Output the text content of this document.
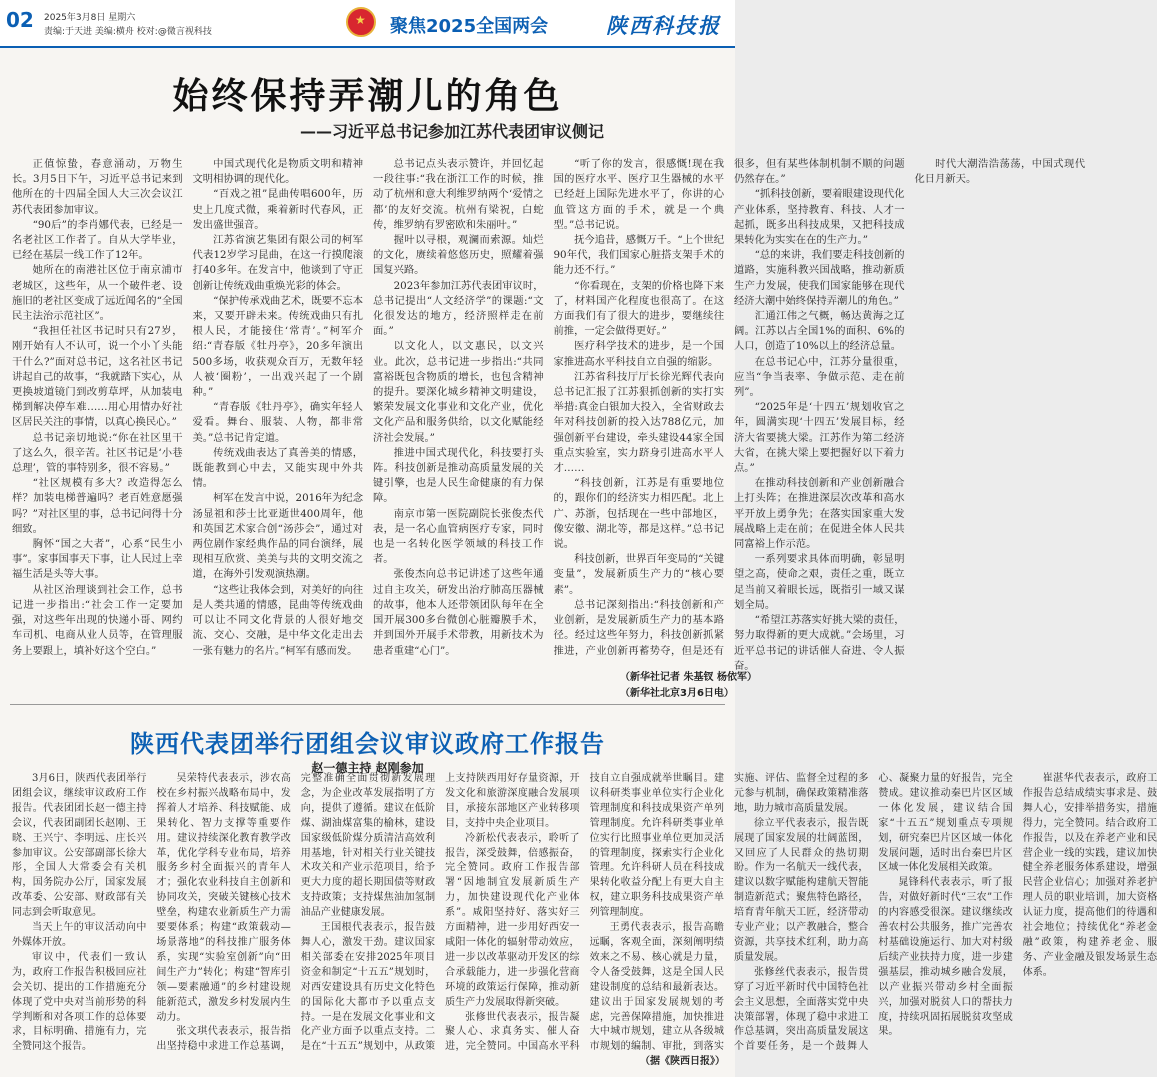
02 2025年3月8日 星期六
责编:于天进 美编:横舟 校对:@微言视科技
★	聚焦2025全国两会	陕西科技报
始终保持弄潮儿的角色
——习近平总书记参加江苏代表团审议侧记

正值惊蛰，春意涌动，万物生长。3月5日下午，习近平总书记来到他所在的十四届全国人大三次会议江苏代表团参加审议。

“90后”的李肖娜代表，已经是一名老社区工作者了。自从大学毕业，已经在基层一线工作了12年。

她所在的南港社区位于南京浦市老城区，这些年，从一个破件老、设施旧的老社区变成了远近闻名的“全国民主法治示范社区”。

“我担任社区书记时只有27岁，刚开始有人不认可，说一个小丫头能干什么?”面对总书记，这名社区书记讲起自己的故事，“我就踏下实心，从更换坡道镜门到改剪草坪，从加装电梯到解决停车难……用心用情办好社区居民关注的事情，以真心换民心。”

总书记亲切地说:“你在社区里干了这么久，很辛苦。社区书记是‘小巷总理’，管的事特别多，很不容易。”

“社区规模有多大？改造得怎么样？加装电梯普遍吗？老百姓意愿强吗？”对社区里的事，总书记问得十分细致。

胸怀“国之大者”，心系“民生小事”。家事国事天下事，让人民过上幸福生活是头等大事。

从社区治理谈到社会工作，总书记进一步指出:“社会工作一定要加强，对这些年出现的快递小哥、网约车司机、电商从业人员等，在管理服务上要跟上，填补好这个空白。”

中国式现代化是物质文明和精神文明相协调的现代化。

“百戏之祖”昆曲传唱600年，历史上几度式微，乘着新时代春风，正发出盛世强音。

江苏省演艺集团有限公司的柯军代表12岁学习昆曲，在这一行摸爬滚打40多年。在发言中，他谈到了守正创新让传统戏曲重焕光彩的体会。

“保护传承戏曲艺术，既要不忘本来，又要开辟未来。传统戏曲只有扎根人民，才能接住‘常青’。”柯军介绍:“青春版《牡丹亭》，20多年演出500多场，收获观众百万，无数年轻人被‘圈粉’，一出戏兴起了一个剧种。”

“青春版《牡丹亭》，确实年轻人爱看。舞台、服装、人物，都非常美。”总书记肯定道。

传统戏曲表达了真善美的情感，既能教到心中去，又能实现中外共情。

柯军在发言中说，2016年为纪念汤显祖和莎士比亚逝世400周年，他和英国艺术家合创“汤莎会”，通过对两位剧作家经典作品的同台演绎，展现相互欣赏、美美与共的文明交流之道，在海外引发观演热潮。

“这些让我体会到，对美好的向往是人类共通的情感，昆曲等传统戏曲可以让不同文化背景的人很好地交流、交心、交融，是中华文化走出去一张有魅力的名片。”柯军有感而发。

总书记点头表示赞许，并回忆起一段往事:“我在浙江工作的时候，推动了杭州和意大利维罗纳两个‘爱情之都’的友好交流。杭州有梁祝，白蛇传，维罗纳有罗密欧和朱丽叶。”

握叶以寻根，观澜而索源。灿烂的文化，赓续着悠悠历史，照耀着强国复兴路。

2023年参加江苏代表团审议时，总书记提出“人文经济学”的课题:“文化很发达的地方，经济照样走在前面。”

以文化人，以文惠民，以文兴业。此次，总书记进一步指出:“共同富裕既包含物质的增长，也包含精神的提升。要深化城乡精神文明建设，繁荣发展文化事业和文化产业，优化文化产品和服务供给，以文化赋能经济社会发展。”

推进中国式现代化，科技要打头阵。科技创新是推动高质量发展的关键引擎，也是人民生命健康的有力保障。

南京市第一医院副院长张俊杰代表，是一名心血管病医疗专家，同时也是一名转化医学领域的科技工作者。

张俊杰向总书记讲述了这些年通过自主攻关，研发出治疗肺高压器械的故事，他本人还带领团队每年在全国开展300多台微创心脏瓣膜手术，并到国外开展手术带教，用新技术为患者重建“心门”。

“听了你的发言，很感慨!现在我国的医疗水平、医疗卫生器械的水平已经赶上国际先进水平了，你讲的心血管这方面的手术，就是一个典型。”总书记说。

抚今追昔，感慨万千。“上个世纪90年代，我们国家心脏搭支架手术的能力还不行。”

“你看现在，支架的价格也降下来了，材料国产化程度也很高了。在这方面我们有了很大的进步，要继续往前推，一定会做得更好。”

医疗科学技术的进步，是一个国家推进高水平科技自立自强的缩影。

江苏省科技厅厅长徐光辉代表向总书记汇报了江苏狠抓创新的实打实举措:真金白银加大投入，全省财政去年对科技创新的投入达788亿元，加强创新平台建设，牵头建设44家全国重点实验室，实力跻身引进高水平人才……

“科技创新，江苏是有重要地位的，跟你们的经济实力相匹配。北上广、苏浙，包括现在一些中部地区，像安徽、湖北等，都是这样。”总书记说。

科技创新，世界百年变局的“关键变量”，发展新质生产力的“核心要素”。

总书记深刻指出:“科技创新和产业创新，是发展新质生产力的基本路径。经过这些年努力，科技创新抓紧推进，产业创新再蓄势夺，但是还有很多，但有某些体制机制不顺的问题仍然存在。”

“抓科技创新，要着眼建设现代化产业体系，坚持教育、科技、人才一起抓，既多出科技成果，又把科技成果转化为实实在在的生产力。”

“总的来讲，我们要走科技创新的道路，实施科教兴国战略，推动新质生产力发展，使我们国家能够在现代经济大潮中始终保持弄潮儿的角色。”

汇通江伟之气概，畅达黄海之辽阔。江苏以占全国1%的面积、6%的人口，创造了10%以上的经济总量。

在总书记心中，江苏分量很重，应当“争当表率、争做示范、走在前列”。

“2025年是‘十四五’规划收官之年，圆满实现‘十四五’发展目标，经济大省要挑大梁。江苏作为第二经济大省，在挑大梁上要把握好以下着力点。”

在推动科技创新和产业创新融合上打头阵；在推进深层次改革和高水平开放上勇争先；在落实国家重大发展战略上走在前；在促进全体人民共同富裕上作示范。

一系列要求具体而明确，彰显明望之高，使命之艰，责任之重，既立足当前又着眼长远，既指引一域又谋划全局。

“希望江苏落实好挑大梁的责任，努力取得新的更大成就。”会场里，习近平总书记的讲话催人奋进、令人振奋。

时代大潮浩浩荡荡，中国式现代化日月新天。

（新华社记者 朱基钗 杨依军）
（新华社北京3月6日电）
陕西代表团举行团组会议审议政府工作报告
赵一德主持 赵刚参加

3月6日，陕西代表团举行团组会议，继续审议政府工作报告。代表团团长赵一德主持会议，代表团副团长赵刚、王晓、王兴宁、李明远、庄长兴参加审议。公安部副部长徐大彤，全国人大常委会有关机构，国务院办公厅，国家发展改革委、公安部、财政部有关同志到会听取意见。

当天上午的审议活动向中外媒体开放。

审议中，代表们一致认为，政府工作报告积极回应社会关切、提出的工作措施充分体现了党中央对当前形势的科学判断和对各项工作的总体要求，目标明确、措施有力，完全赞同这个报告。

吴荣特代表表示，涉农高校在乡村振兴战略布局中，发挥着人才培养、科技赋能、成果转化、智力支撑等重要作用。建议持续深化教育教学改革，优化学科专业布局，培养服务乡村全面振兴的青年人才；强化农业科技自主创新和协同攻关，突破关键核心技术壁垒，构建农业新质生产力需要要体系；构建“政策载动—场景落地”的科技推广服务体系，实现“实验室创新”向“田间生产力”转化；构建“智库引领—要素融通”的乡村建设规能新范式，激发乡村发展内生动力。

张文琪代表表示，报告指出坚持稳中求进工作总基调，完整准确全面贯彻新发展理念，为企业改革发展指明了方向，提供了遵循。建议在低阶煤、湖油煤富集的榆林，建设国家级低阶煤分质清洁高效利用基地，针对相关行业关键技术攻关和产业示范项目，给予更大力度的超长期国债等财政支持政策；支持煤焦油加氢制油品产业健康发展。

王国根代表表示，报告鼓舞人心，激发干劲。建议国家相关部委在安排2025年项目资金和制定“十五五”规划时，对西安建设具有历史文化特色的国际化大都市予以重点支持。一是在发展文化事业和文化产业方面予以重点支持。二是在“十五五”规划中，从政策上支持陕西用好存量资源，开发文化和旅游深度融合发展项目，承接东部地区产业转移项目，支持中央企业项目。

冷新松代表表示，聆听了报告，深受鼓舞，倍感振奋，完全赞同。政府工作报告部署“因地制宜发展新质生产力，加快建设现代化产业体系”。咸阳坚持好、落实好三方面精神，进一步用好西安一咸阳一体化的辐射带动效应，进一步以改革驱动开发区的综合承载能力，进一步强化营商环境的政策运行保障，推动新质生产力发展取得新突破。

张修世代表表示，报告凝聚人心、求真务实、催人奋进，完全赞同。中国高水平科技自立自强成就举世瞩目。建议科研类事业单位实行企业化管理制度和科技成果资产单列管理制度。允许科研类事业单位实行比照事业单位更加灵活的管理制度，探索实行企业化管理。允许科研人员在科技成果转化收益分配上有更大自主权，建立职务科技成果资产单列管理制度。

王勇代表表示，报告高瞻远瞩，客观全面，深刻阐明绩效来之不易、核心就是力量，令人备受鼓舞，这是全国人民建设制度的总结和最新表达。建议出于国家发展规划的考虑，完善保障措施，加快推进大中城市规划，建立从各级城市规划的编制、审批，到落实实施、评估、监督全过程的多元参与机制，确保政策精准落地，助力城市高质量发展。

徐立平代表表示，报告既展现了国家发展的壮阔蓝图，又回应了人民群众的热切期盼。作为一名航天一线代表，建议以数字赋能构建航天智能制造新范式；聚焦特色路径，培育青年航天工匠，经济带动专业产业；以产教融合，整合资源，共享技术红利，助力高质量发展。

张修丝代表表示，报告贯穿了习近平新时代中国特色社会主义思想，全面落实党中央决策部署，体现了稳中求进工作总基调，突出高质量发展这个首要任务，是一个鼓舞人心、凝聚力量的好报告，完全赞成。建议推动秦巴片区区域一体化发展，建议结合国家“十五五”规划重点专项规划，研究秦巴片区区域一体化发展问题，适时出台秦巴片区区域一体化发展相关政策。

晁锋科代表表示，听了报告，对做好新时代“三农”工作的内容感受很深。建议继续改善农村公共服务，推广完善农村基础设施运行、加大对村级后续产业扶持力度，进一步建强基层，推动城乡融合发展，以产业振兴带动乡村全面振兴，加强对脱贫人口的帮扶力度，持续巩固拓展脱贫攻坚成果。

崔湛华代表表示，政府工作报告总结成绩实事求是、鼓舞人心，安排举措务实，措施得力，完全赞同。结合政府工作报告，以及在养老产业和民营企业一线的实践，建议加快健全养老服务体系建设，增强民营企业信心；加强对养老护理人员的职业培训，加大资格认证力度，提高他们的待遇和社会地位；持续优化“养老金融”政策，构建养老金、服务、产业金融及银发场景生态体系。

（据《陕西日报》）
